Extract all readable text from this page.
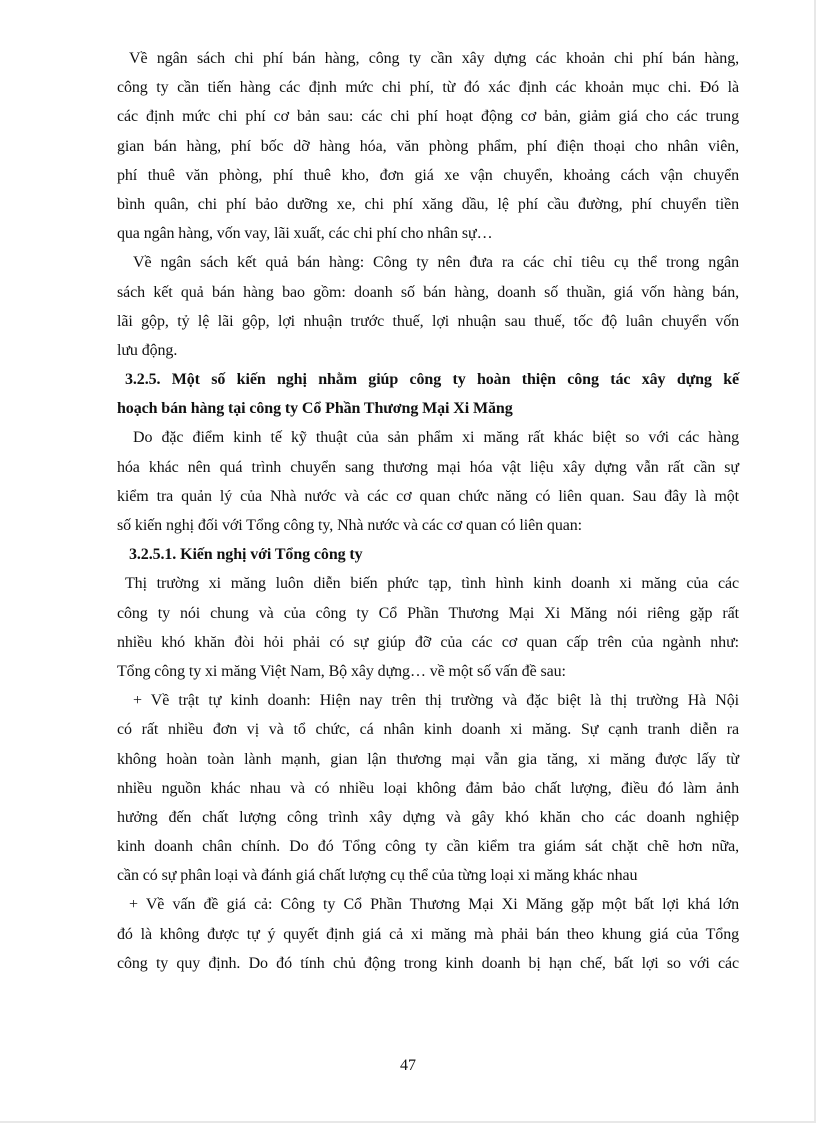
Về ngân sách chi phí bán hàng, công ty cần xây dựng các khoản chi phí bán hàng,
công ty cần tiến hàng các định mức chi phí, từ đó xác định các khoản mục chi. Đó là
các định mức chi phí cơ bản sau: các chi phí hoạt động cơ bản, giảm giá cho các trung
gian bán hàng, phí bốc dỡ hàng hóa, văn phòng phẩm, phí điện thoại cho nhân viên,
phí thuê văn phòng, phí thuê kho, đơn giá xe vận chuyển, khoảng cách vận chuyển
bình quân, chi phí bảo dưỡng xe, chi phí xăng dầu, lệ phí cầu đường, phí chuyển tiền
qua ngân hàng, vốn vay, lãi xuất, các chi phí cho nhân sự…
Về ngân sách kết quả bán hàng: Công ty nên đưa ra các chỉ tiêu cụ thể trong ngân
sách kết quả bán hàng bao gồm: doanh số bán hàng, doanh số thuần, giá vốn hàng bán,
lãi gộp, tỷ lệ lãi gộp, lợi nhuận trước thuế, lợi nhuận sau thuế, tốc độ luân chuyển vốn
lưu động.
3.2.5. Một số kiến nghị nhằm giúp công ty hoàn thiện công tác xây dựng kế
hoạch bán hàng tại công ty Cổ Phần Thương Mại Xi Măng
Do đặc điểm kinh tế kỹ thuật của sản phẩm xi măng rất khác biệt so với các hàng
hóa khác nên quá trình chuyển sang thương mại hóa vật liệu xây dựng vẫn rất cần sự
kiểm tra quản lý của Nhà nước và các cơ quan chức năng có liên quan. Sau đây là một
số kiến nghị đối với Tổng công ty, Nhà nước và các cơ quan có liên quan:
3.2.5.1. Kiến nghị với Tổng công ty
Thị trường xi măng luôn diễn biến phức tạp, tình hình kinh doanh xi măng của các
công ty nói chung và của công ty Cổ Phần Thương Mại Xi Măng nói riêng gặp rất
nhiều khó khăn đòi hỏi phải có sự giúp đỡ của các cơ quan cấp trên của ngành như:
Tổng công ty xi măng Việt Nam, Bộ xây dựng… về một số vấn đề sau:
+ Về trật tự kinh doanh: Hiện nay trên thị trường và đặc biệt là thị trường Hà Nội
có rất nhiều đơn vị và tổ chức, cá nhân kinh doanh xi măng. Sự cạnh tranh diễn ra
không hoàn toàn lành mạnh, gian lận thương mại vẫn gia tăng, xi măng được lấy từ
nhiều nguồn khác nhau và có nhiều loại không đảm bảo chất lượng, điều đó làm ảnh
hưởng đến chất lượng công trình xây dựng và gây khó khăn cho các doanh nghiệp
kinh doanh chân chính. Do đó Tổng công ty cần kiểm tra giám sát chặt chẽ hơn nữa,
cần có sự phân loại và đánh giá chất lượng cụ thể của từng loại xi măng khác nhau
+ Về vấn đề giá cả: Công ty Cổ Phần Thương Mại Xi Măng gặp một bất lợi khá lớn
đó là không được tự ý quyết định giá cả xi măng mà phải bán theo khung giá của Tổng
công ty quy định. Do đó tính chủ động trong kinh doanh bị hạn chế, bất lợi so với các
47
